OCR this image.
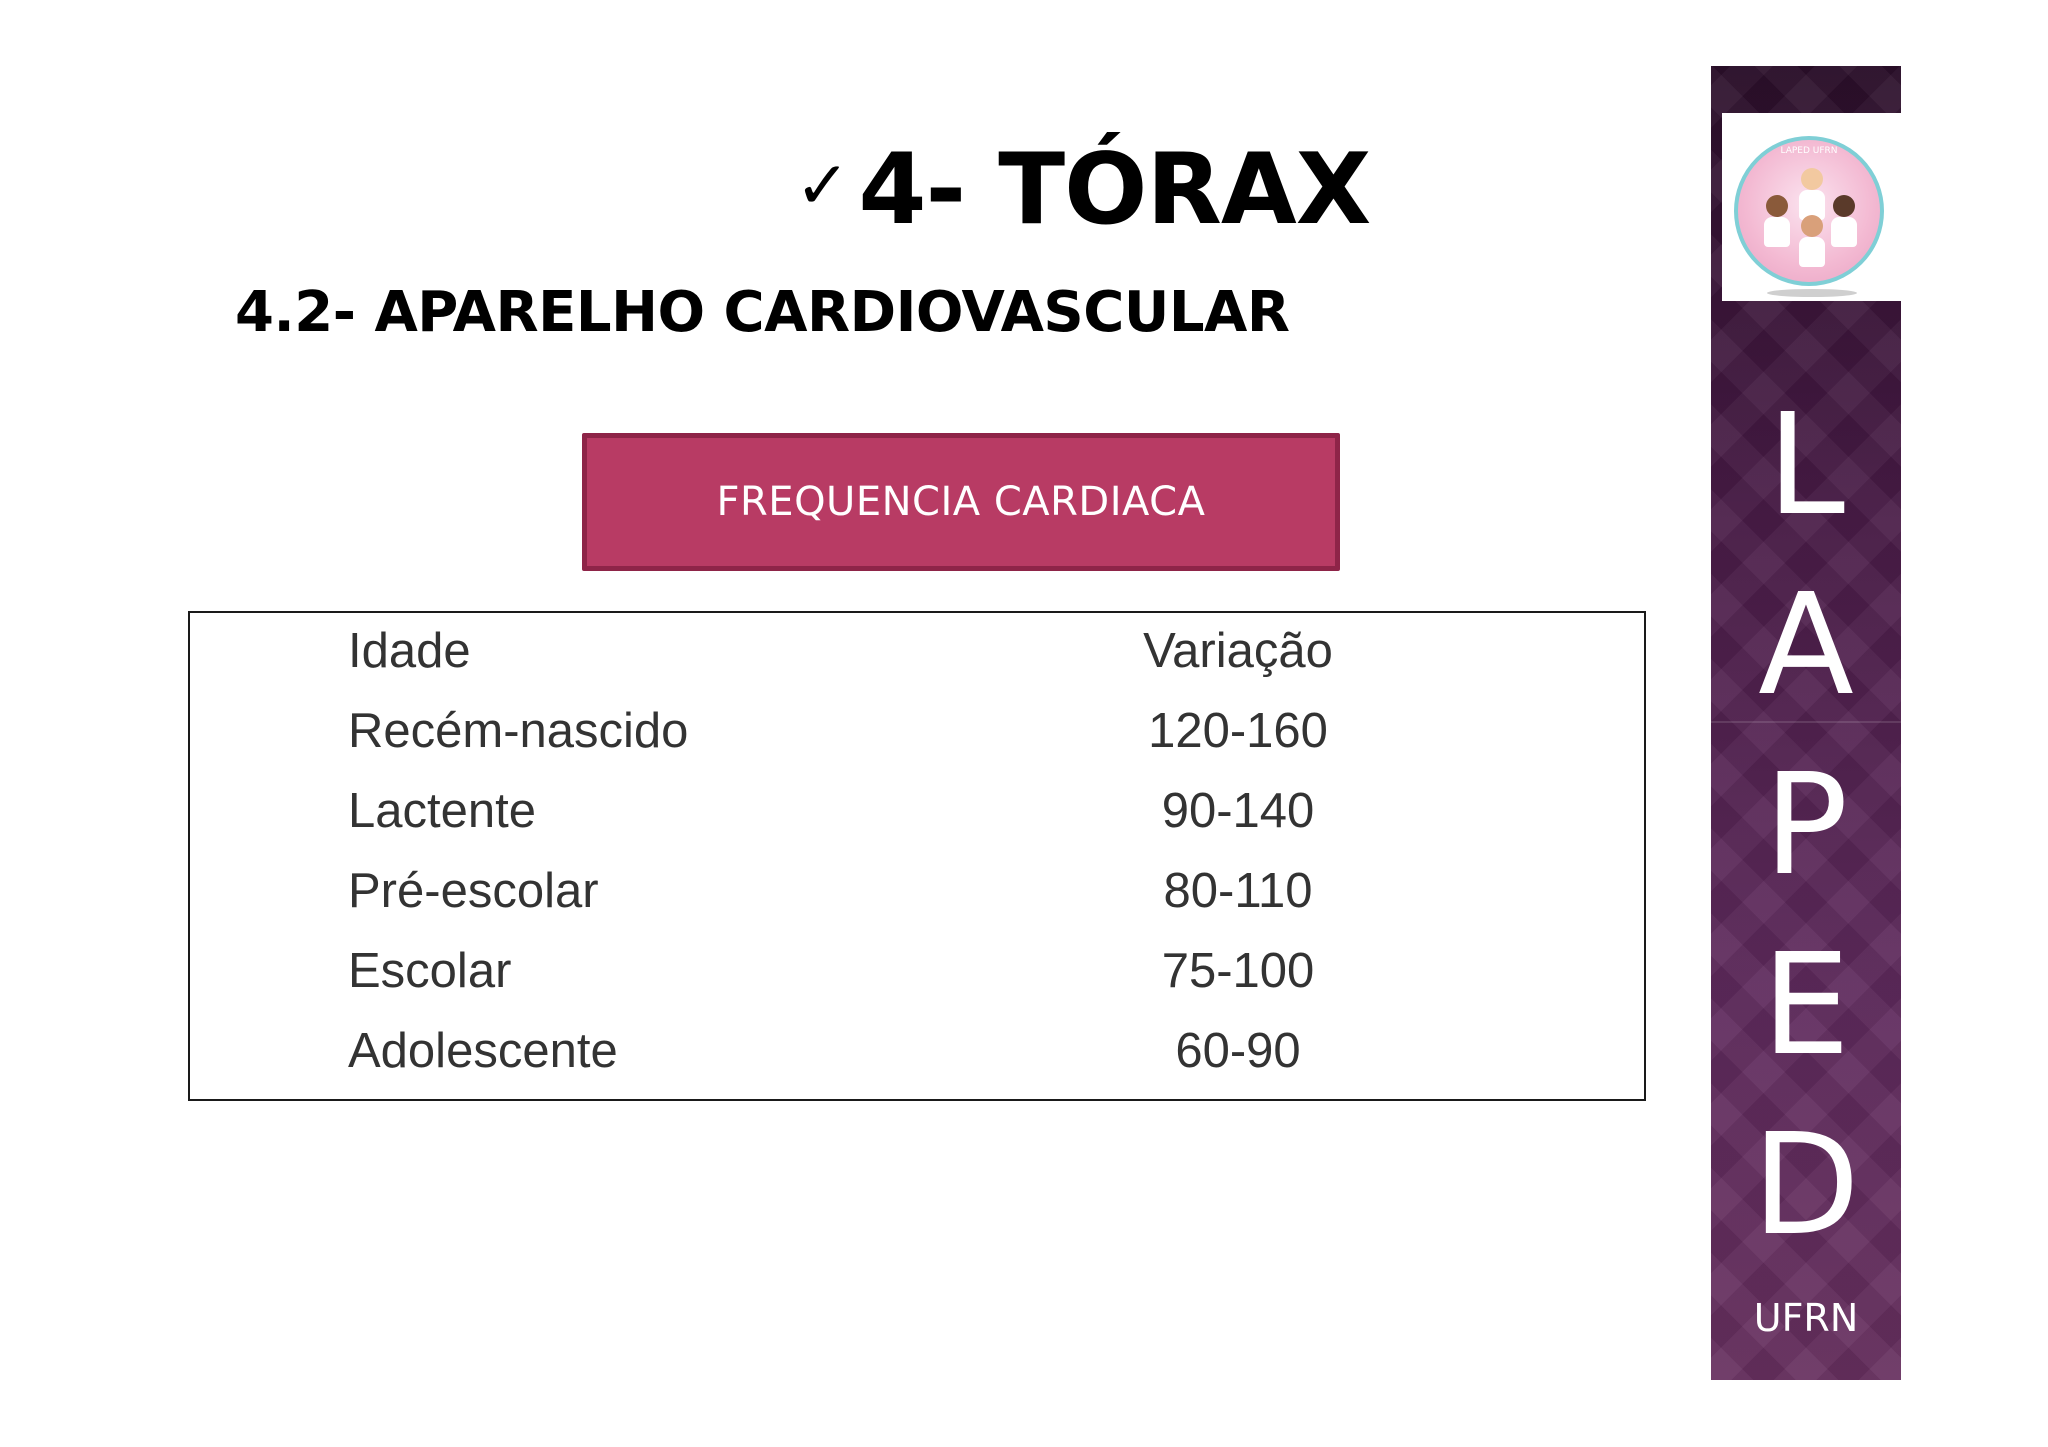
✓ 4- TÓRAX
4.2- APARELHO CARDIOVASCULAR
FREQUENCIA CARDIACA
Idade	Variação
Recém-nascido	120-160
Lactente	90-140
Pré-escolar	80-110
Escolar	75-100
Adolescente	60-90
LAPED UFRN
L
A
P
E
D
UFRN
